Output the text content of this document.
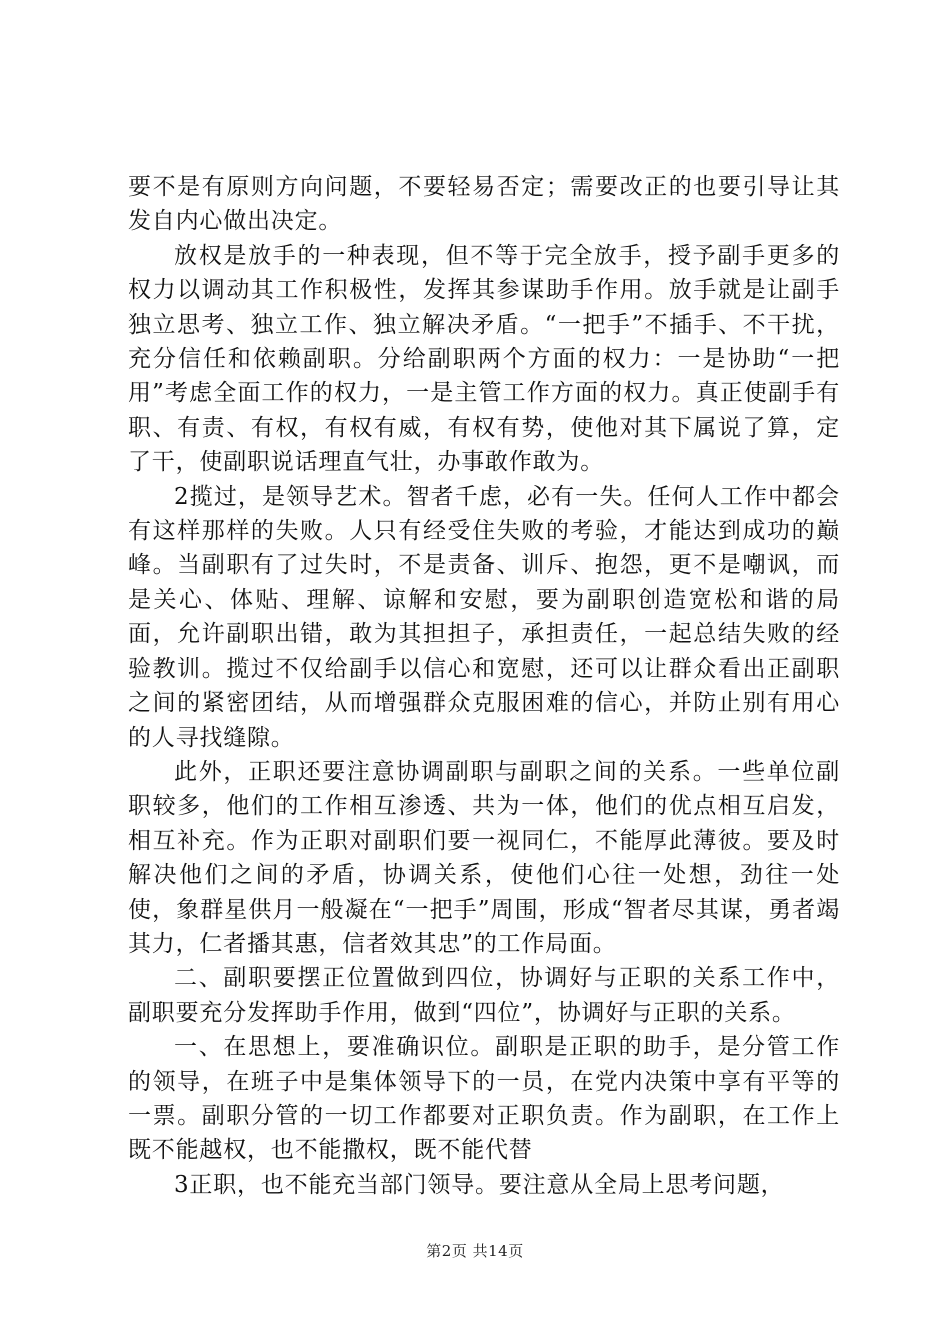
要不是有原则方向问题，不要轻易否定；需要改正的也要引导让其发自内心做出决定。

放权是放手的一种表现，但不等于完全放手，授予副手更多的权力以调动其工作积极性，发挥其参谋助手作用。放手就是让副手独立思考、独立工作、独立解决矛盾。“一把手”不插手、不干扰，充分信任和依赖副职。分给副职两个方面的权力：一是协助“一把用”考虑全面工作的权力，一是主管工作方面的权力。真正使副手有职、有责、有权，有权有威，有权有势，使他对其下属说了算，定了干，使副职说话理直气壮，办事敢作敢为。

2揽过，是领导艺术。智者千虑，必有一失。任何人工作中都会有这样那样的失败。人只有经受住失败的考验，才能达到成功的巅峰。当副职有了过失时，不是责备、训斥、抱怨，更不是嘲讽，而是关心、体贴、理解、谅解和安慰，要为副职创造宽松和谐的局面，允许副职出错，敢为其担担子，承担责任，一起总结失败的经验教训。揽过不仅给副手以信心和宽慰，还可以让群众看出正副职之间的紧密团结，从而增强群众克服困难的信心，并防止别有用心的人寻找缝隙。

此外，正职还要注意协调副职与副职之间的关系。一些单位副职较多，他们的工作相互渗透、共为一体，他们的优点相互启发，相互补充。作为正职对副职们要一视同仁，不能厚此薄彼。要及时解决他们之间的矛盾，协调关系，使他们心往一处想，劲往一处使，象群星供月一般凝在“一把手”周围，形成“智者尽其谋，勇者竭其力，仁者播其惠，信者效其忠”的工作局面。

二、副职要摆正位置做到四位，协调好与正职的关系工作中，副职要充分发挥助手作用，做到“四位”，协调好与正职的关系。

一、在思想上，要准确识位。副职是正职的助手，是分管工作的领导，在班子中是集体领导下的一员，在党内决策中享有平等的一票。副职分管的一切工作都要对正职负责。作为副职，在工作上既不能越权，也不能撒权，既不能代替

3正职，也不能充当部门领导。要注意从全局上思考问题，

第2页 共14页
